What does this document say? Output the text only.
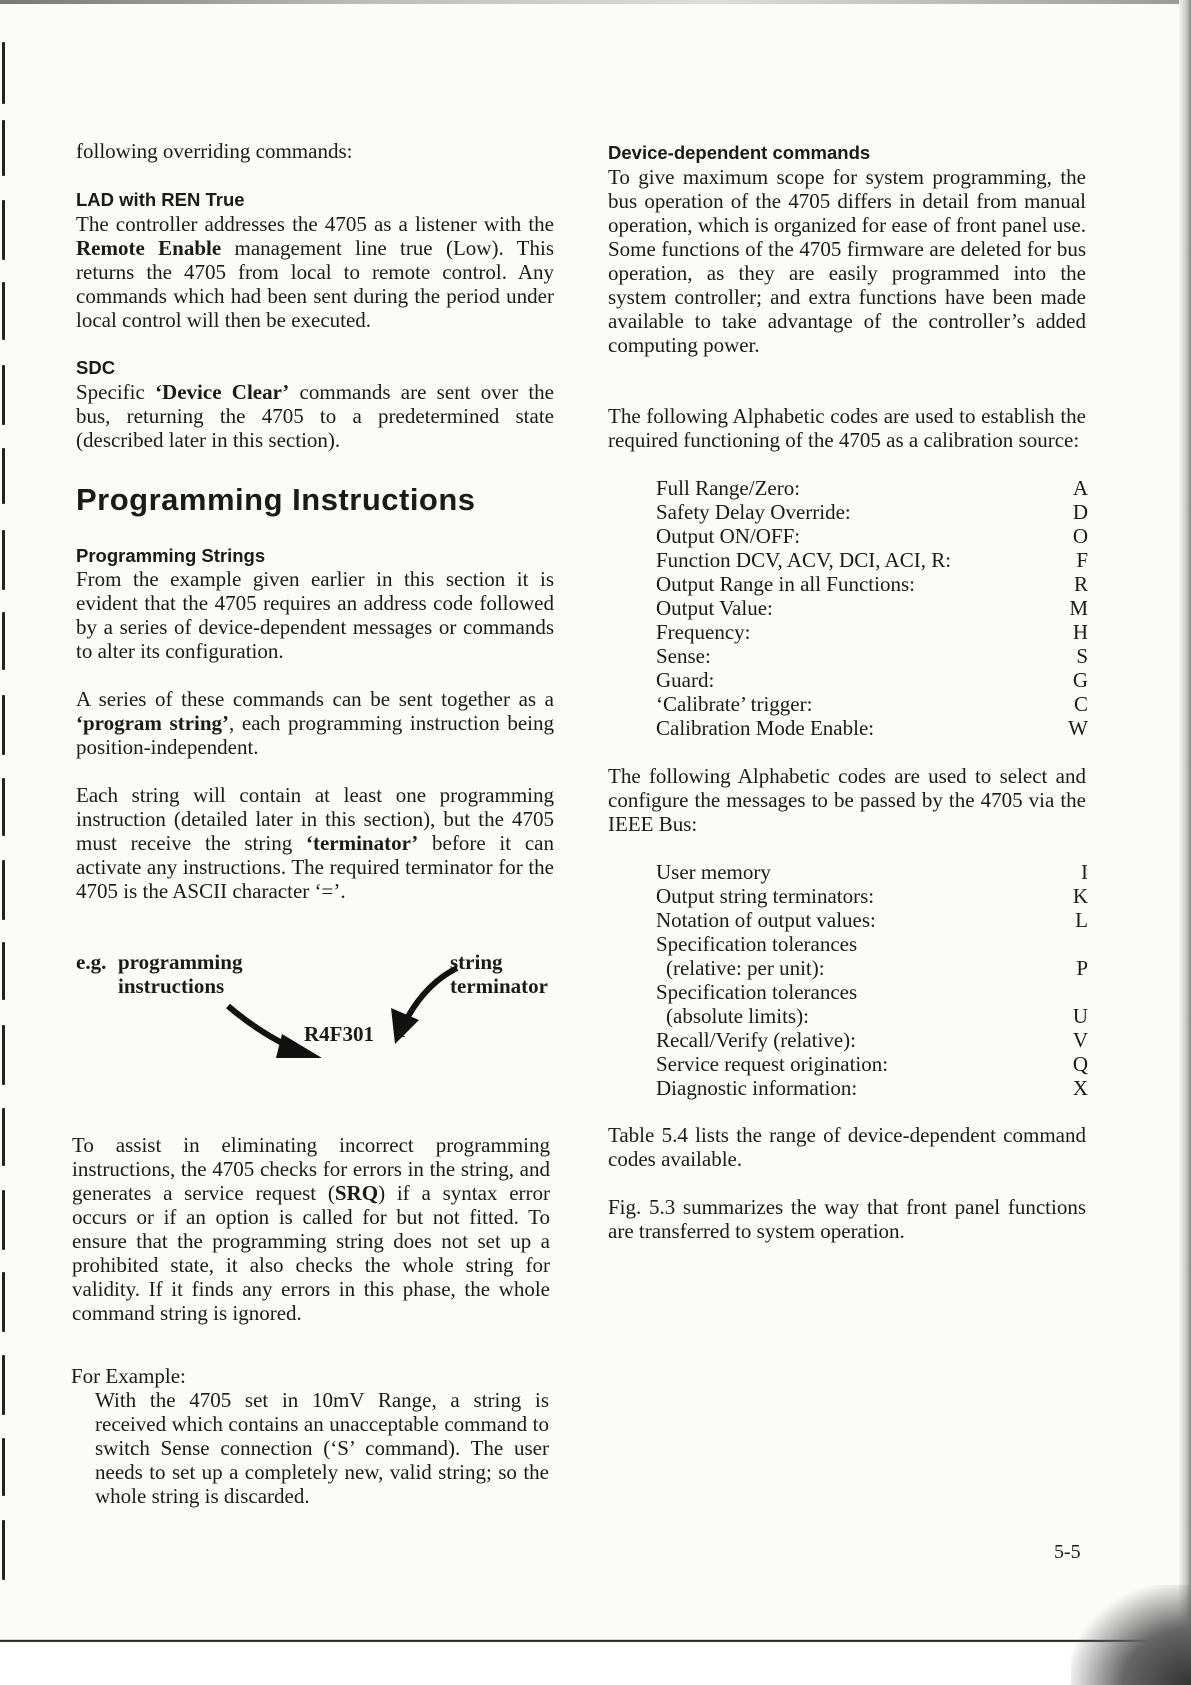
following overriding commands:

LAD with REN True

The controller addresses the 4705 as a listener with the Remote Enable management line true (Low). This returns the 4705 from local to remote control. Any commands which had been sent during the period under local control will then be executed.

SDC

Specific ‘Device Clear’ commands are sent over the bus, returning the 4705 to a predetermined state (described later in this section).

Programming Instructions
Programming Strings

From the example given earlier in this section it is evident that the 4705 requires an address code followed by a series of device-dependent messages or commands to alter its configuration.

A series of these commands can be sent together as a ‘program string’, each programming instruction being position-independent.

Each string will contain at least one programming instruction (detailed later in this section), but the 4705 must receive the string ‘terminator’ before it can activate any instructions. The required terminator for the 4705 is the ASCII character ‘=’.

e.g. programming
instructions
string
terminator
R4F301 =

To assist in eliminating incorrect programming instructions, the 4705 checks for errors in the string, and generates a service request (SRQ) if a syntax error occurs or if an option is called for but not fitted. To ensure that the programming string does not set up a prohibited state, it also checks the whole string for validity. If it finds any errors in this phase, the whole command string is ignored.

For Example:

With the 4705 set in 10mV Range, a string is received which contains an unacceptable command to switch Sense connection (‘S’ command). The user needs to set up a completely new, valid string; so the whole string is discarded.

Device-dependent commands

To give maximum scope for system programming, the bus operation of the 4705 differs in detail from manual operation, which is organized for ease of front panel use. Some functions of the 4705 firmware are deleted for bus operation, as they are easily programmed into the system controller; and extra functions have been made available to take advantage of the controller’s added computing power.

The following Alphabetic codes are used to establish the required functioning of the 4705 as a calibration source:

Full Range/Zero:	A
Safety Delay Override:	D
Output ON/OFF:	O
Function DCV, ACV, DCI, ACI, R:	F
Output Range in all Functions:	R
Output Value:	M
Frequency:	H
Sense:	S
Guard:	G
‘Calibrate’ trigger:	C
Calibration Mode Enable:	W

The following Alphabetic codes are used to select and configure the messages to be passed by the 4705 via the IEEE Bus:

User memory	I
Output string terminators:	K
Notation of output values:	L
Specification tolerances
(relative: per unit):	P
Specification tolerances
(absolute limits):	U
Recall/Verify (relative):	V
Service request origination:	Q
Diagnostic information:	X

Table 5.4 lists the range of device-dependent command codes available.

Fig. 5.3 summarizes the way that front panel functions are transferred to system operation.

5-5
